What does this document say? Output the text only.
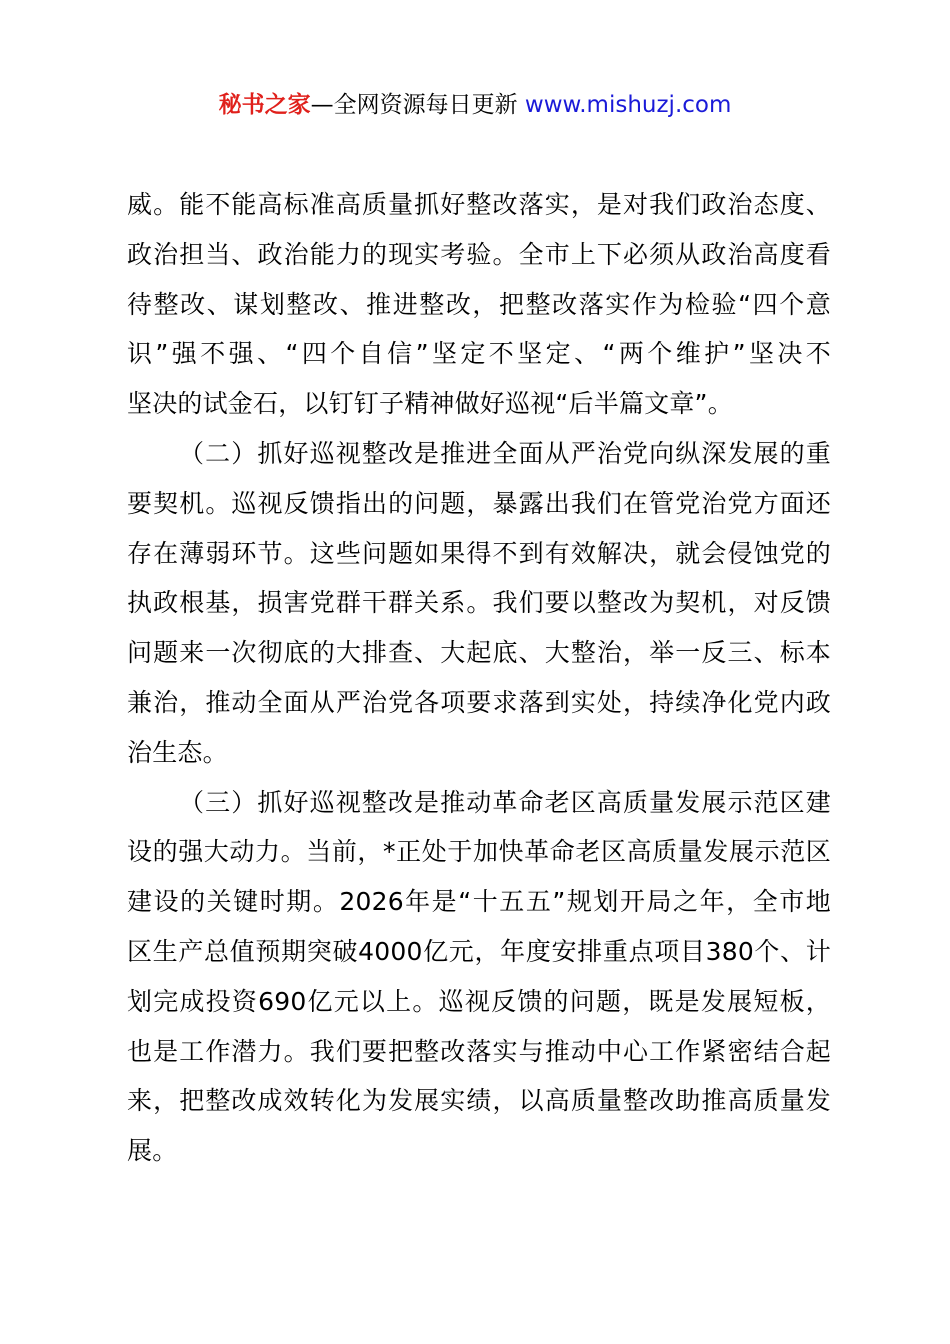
秘书之家—全网资源每日更新 www.mishuzj.com
威。能不能高标准高质量抓好整改落实，是对我们政治态度、
政治担当、政治能力的现实考验。全市上下必须从政治高度看
待整改、谋划整改、推进整改，把整改落实作为检验“四个意
识”强不强、“四个自信”坚定不坚定、“两个维护”坚决不
坚决的试金石，以钉钉子精神做好巡视“后半篇文章”。
（二）抓好巡视整改是推进全面从严治党向纵深发展的重
要契机。巡视反馈指出的问题，暴露出我们在管党治党方面还
存在薄弱环节。这些问题如果得不到有效解决，就会侵蚀党的
执政根基，损害党群干群关系。我们要以整改为契机，对反馈
问题来一次彻底的大排查、大起底、大整治，举一反三、标本
兼治，推动全面从严治党各项要求落到实处，持续净化党内政
治生态。
（三）抓好巡视整改是推动革命老区高质量发展示范区建
设的强大动力。当前，*正处于加快革命老区高质量发展示范区
建设的关键时期。2026年是“十五五”规划开局之年，全市地
区生产总值预期突破4000亿元，年度安排重点项目380个、计
划完成投资690亿元以上。巡视反馈的问题，既是发展短板，
也是工作潜力。我们要把整改落实与推动中心工作紧密结合起
来，把整改成效转化为发展实绩，以高质量整改助推高质量发
展。
